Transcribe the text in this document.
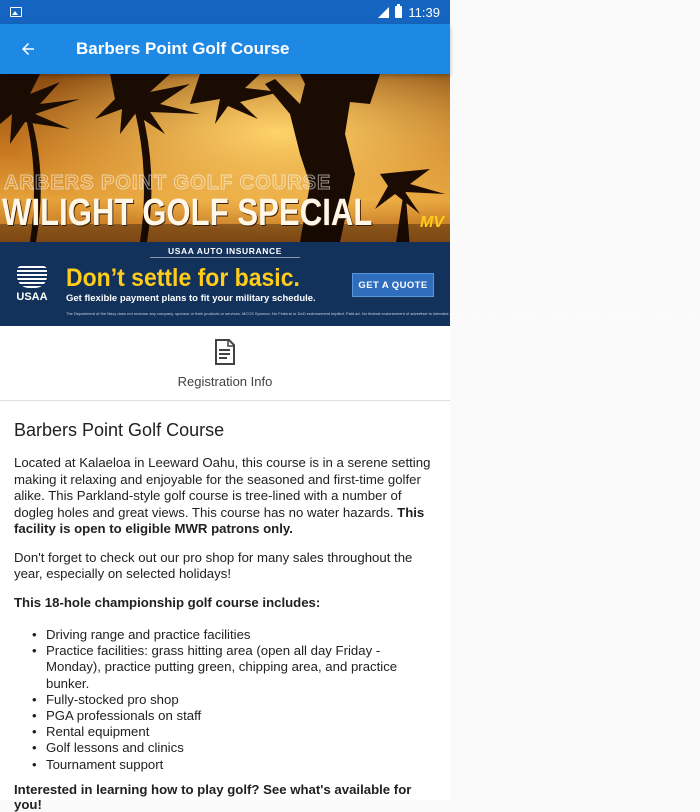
11:39
Barbers Point Golf Course
ARBERS POINT GOLF COURSE
WILIGHT GOLF SPECIAL	MV
USAA AUTO INSURANCE
USAA
Don’t settle for basic.
Get flexible payment plans to fit your military schedule.
GET A QUOTE
The Department of the Navy does not endorse any company, sponsor or their products or services. MCCS Sponsor; No Federal or DoD endorsement implied. Paid ad. No federal endorsement of advertiser is intended. Neither the Coast Guard nor any other part of the federal government officially endorses any company, sponsor, or their products or services.
Registration Info
Barbers Point Golf Course

Located at Kalaeloa in Leeward Oahu, this course is in a serene setting making it relaxing and enjoyable for the seasoned and first-time golfer alike. This Parkland-style golf course is tree-lined with a number of dogleg holes and great views. This course has no water hazards. This facility is open to eligible MWR patrons only.

Don't forget to check out our pro shop for many sales throughout the year, especially on selected holidays!

This 18-hole championship golf course includes:

• Driving range and practice facilities
• Practice facilities: grass hitting area (open all day Friday - Monday), practice putting green, chipping area, and practice bunker.
• Fully-stocked pro shop
• PGA professionals on staff
• Rental equipment
• Golf lessons and clinics
• Tournament support
Interested in learning how to play golf? See what's available for you!
